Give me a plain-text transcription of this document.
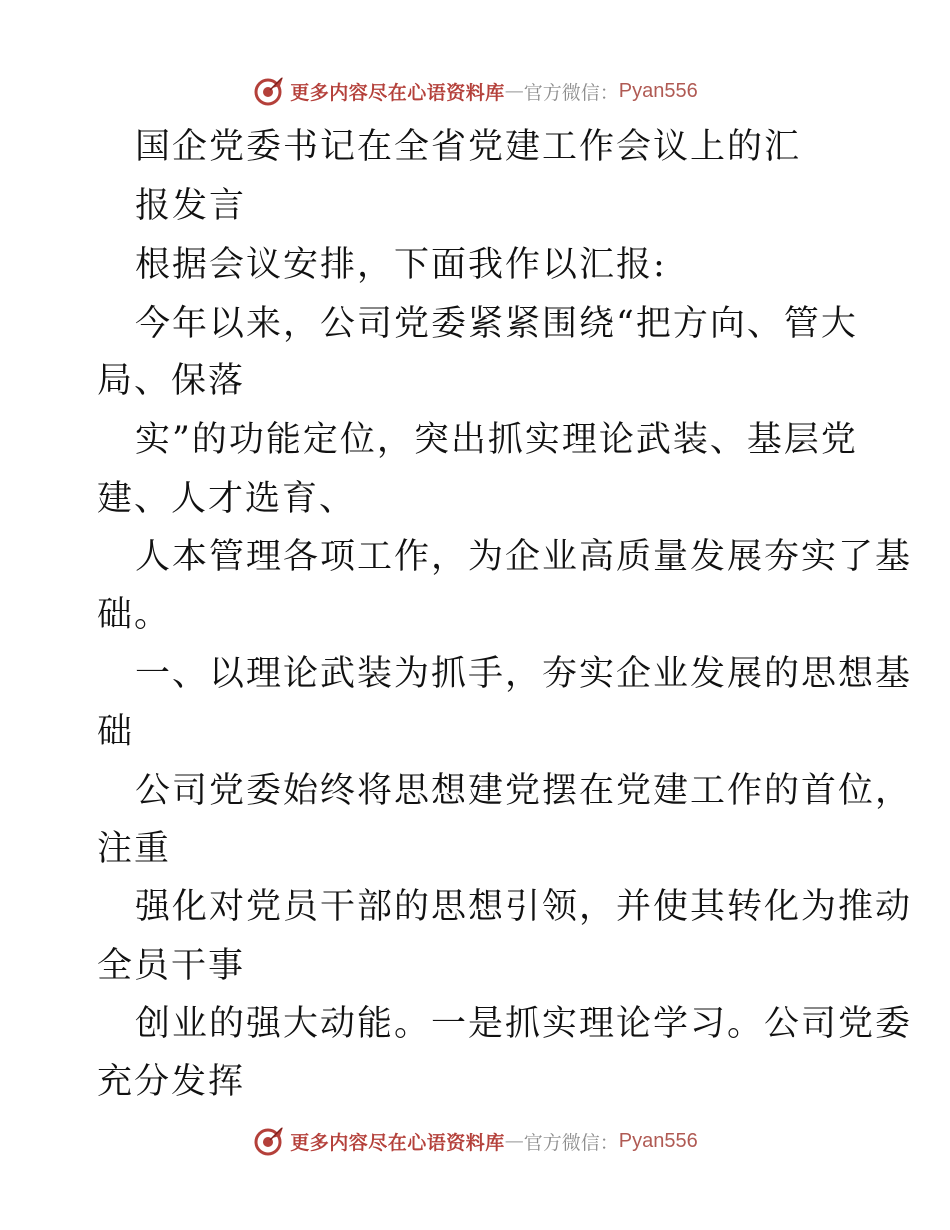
更多内容尽在心语资料库 — 官方微信： Pyan556
国企党委书记在全省党建工作会议上的汇
报发言
根据会议安排，下面我作以汇报:
今年以来，公司党委紧紧围绕“把方向、管大
局、保落
实”的功能定位，突出抓实理论武装、基层党
建、人才选育、
人本管理各项工作，为企业高质量发展夯实了基
础。
一、以理论武装为抓手，夯实企业发展的思想基
础
公司党委始终将思想建党摆在党建工作的首位，
注重
强化对党员干部的思想引领，并使其转化为推动
全员干事
创业的强大动能。一是抓实理论学习。公司党委
充分发挥
更多内容尽在心语资料库 — 官方微信： Pyan556
